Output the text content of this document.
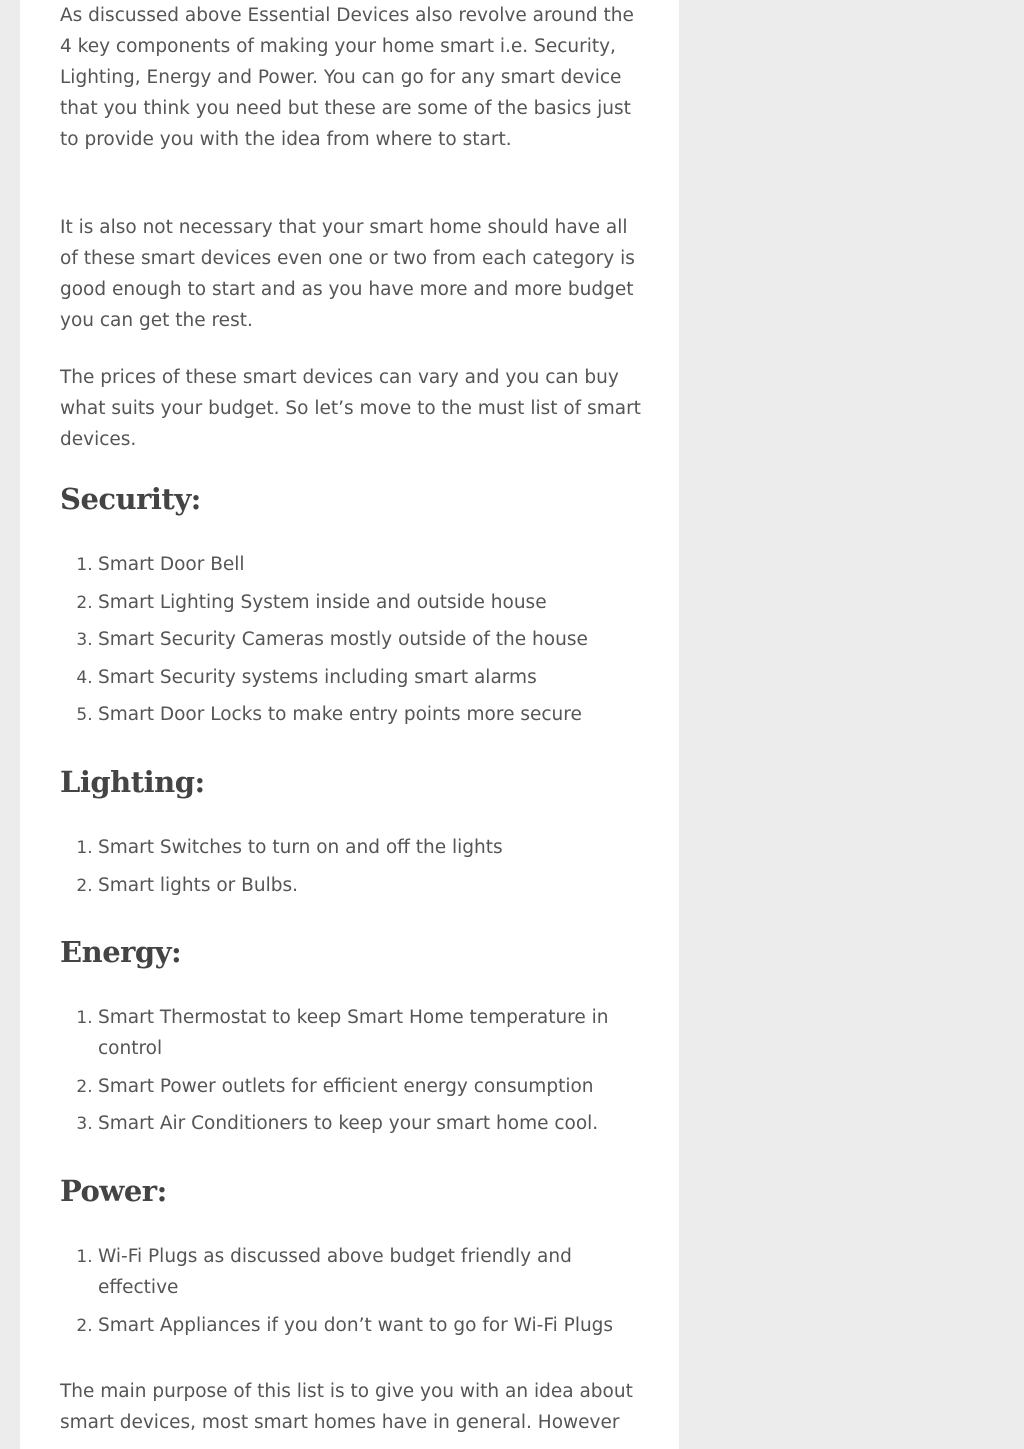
As discussed above Essential Devices also revolve around the 4 key components of making your home smart i.e. Security, Lighting, Energy and Power. You can go for any smart device that you think you need but these are some of the basics just to provide you with the idea from where to start.

It is also not necessary that your smart home should have all of these smart devices even one or two from each category is good enough to start and as you have more and more budget you can get the rest.

The prices of these smart devices can vary and you can buy what suits your budget. So let’s move to the must list of smart devices.

Security:
1. Smart Door Bell
2. Smart Lighting System inside and outside house
3. Smart Security Cameras mostly outside of the house
4. Smart Security systems including smart alarms
5. Smart Door Locks to make entry points more secure
Lighting:
1. Smart Switches to turn on and off the lights
2. Smart lights or Bulbs.
Energy:
1. Smart Thermostat to keep Smart Home temperature in control
2. Smart Power outlets for efficient energy consumption
3. Smart Air Conditioners to keep your smart home cool.
Power:
1. Wi-Fi Plugs as discussed above budget friendly and effective
2. Smart Appliances if you don’t want to go for Wi-Fi Plugs

The main purpose of this list is to give you with an idea about smart devices, most smart homes have in general. However
